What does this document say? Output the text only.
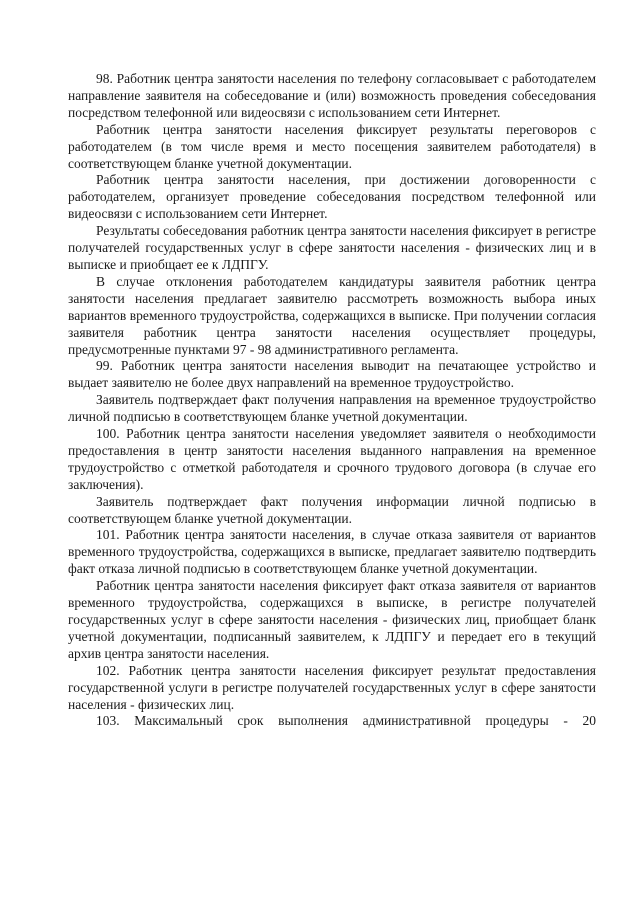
98. Работник центра занятости населения по телефону согласовывает с работодателем направление заявителя на собеседование и (или) возможность проведения собеседования посредством телефонной или видеосвязи с использованием сети Интернет.

Работник центра занятости населения фиксирует результаты переговоров с работодателем (в том числе время и место посещения заявителем работодателя) в соответствующем бланке учетной документации.

Работник центра занятости населения, при достижении договоренности с работодателем, организует проведение собеседования посредством телефонной или видеосвязи с использованием сети Интернет.

Результаты собеседования работник центра занятости населения фиксирует в регистре получателей государственных услуг в сфере занятости населения - физических лиц и в выписке и приобщает ее к ЛДПГУ.

В случае отклонения работодателем кандидатуры заявителя работник центра занятости населения предлагает заявителю рассмотреть возможность выбора иных вариантов временного трудоустройства, содержащихся в выписке. При получении согласия заявителя работник центра занятости населения осуществляет процедуры, предусмотренные пунктами 97 - 98 административного регламента.

99. Работник центра занятости населения выводит на печатающее устройство и выдает заявителю не более двух направлений на временное трудоустройство.

Заявитель подтверждает факт получения направления на временное трудоустройство личной подписью в соответствующем бланке учетной документации.

100. Работник центра занятости населения уведомляет заявителя о необходимости предоставления в центр занятости населения выданного направления на временное трудоустройство с отметкой работодателя и срочного трудового договора (в случае его заключения).

Заявитель подтверждает факт получения информации личной подписью в соответствующем бланке учетной документации.

101. Работник центра занятости населения, в случае отказа заявителя от вариантов временного трудоустройства, содержащихся в выписке, предлагает заявителю подтвердить факт отказа личной подписью в соответствующем бланке учетной документации.

Работник центра занятости населения фиксирует факт отказа заявителя от вариантов временного трудоустройства, содержащихся в выписке, в регистре получателей государственных услуг в сфере занятости населения - физических лиц, приобщает бланк учетной документации, подписанный заявителем, к ЛДПГУ и передает его в текущий архив центра занятости населения.

102. Работник центра занятости населения фиксирует результат предоставления государственной услуги в регистре получателей государственных услуг в сфере занятости населения - физических лиц.

103. Максимальный срок выполнения административной процедуры - 20
